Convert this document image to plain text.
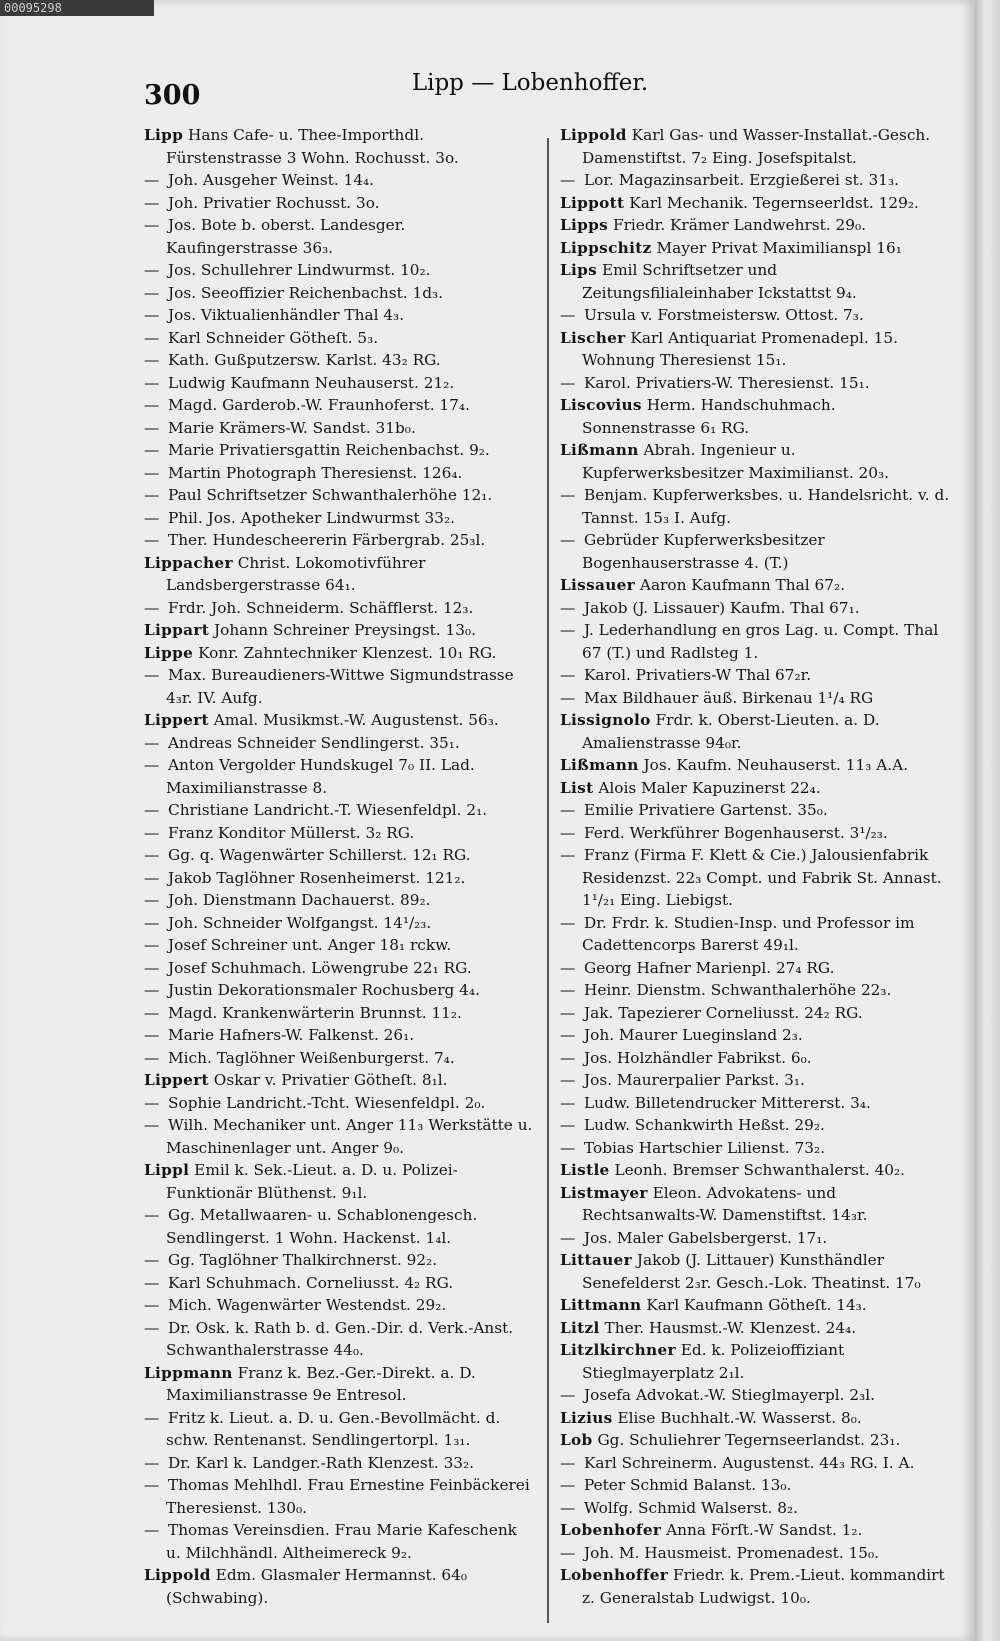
00095298
300	Lipp — Lobenhoffer.

Lipp Hans Cafe- u. Thee-Importhdl. Fürstenstrasse 3 Wohn. Rochusst. 3o.

— Joh. Ausgeher Weinst. 14₄.

— Joh. Privatier Rochusst. 3o.

— Jos. Bote b. oberst. Landesger. Kaufingerstrasse 36₃.

— Jos. Schullehrer Lindwurmst. 10₂.

— Jos. Seeoffizier Reichenbachst. 1d₃.

— Jos. Viktualienhändler Thal 4₃.

— Karl Schneider Götheſt. 5₃.

— Kath. Gußputzersw. Karlst. 43₂ RG.

— Ludwig Kaufmann Neuhauserst. 21₂.

— Magd. Garderob.-W. Fraunhoferst. 17₄.

— Marie Krämers-W. Sandst. 31b₀.

— Marie Privatiersgattin Reichenbachst. 9₂.

— Martin Photograph Theresienst. 126₄.

— Paul Schriftsetzer Schwanthalerhöhe 12₁.

— Phil. Jos. Apotheker Lindwurmst 33₂.

— Ther. Hundescheererin Färbergrab. 25₃l.

Lippacher Christ. Lokomotivführer Landsbergerstrasse 64₁.

— Frdr. Joh. Schneiderm. Schäfflerst. 12₃.

Lippart Johann Schreiner Preysingst. 13₀.

Lippe Konr. Zahntechniker Klenzest. 10₁ RG.

— Max. Bureaudieners-Wittwe Sigmundstrasse 4₃r. IV. Aufg.

Lippert Amal. Musikmst.-W. Augustenst. 56₃.

— Andreas Schneider Sendlingerst. 35₁.

— Anton Vergolder Hundskugel 7₀ II. Lad. Maximilianstrasse 8.

— Christiane Landricht.-T. Wiesenfeldpl. 2₁.

— Franz Konditor Müllerst. 3₂ RG.

— Gg. q. Wagenwärter Schillerst. 12₁ RG.

— Jakob Taglöhner Rosenheimerst. 121₂.

— Joh. Dienstmann Dachauerst. 89₂.

— Joh. Schneider Wolfgangst. 14¹/₂₃.

— Josef Schreiner unt. Anger 18₁ rckw.

— Josef Schuhmach. Löwengrube 22₁ RG.

— Justin Dekorationsmaler Rochusberg 4₄.

— Magd. Krankenwärterin Brunnst. 11₂.

— Marie Hafners-W. Falkenst. 26₁.

— Mich. Taglöhner Weißenburgerst. 7₄.

Lippert Oskar v. Privatier Götheſt. 8₁l.

— Sophie Landricht.-Tcht. Wiesenfeldpl. 2₀.

— Wilh. Mechaniker unt. Anger 11₃ Werkstätte u. Maschinenlager unt. Anger 9₀.

Lippl Emil k. Sek.-Lieut. a. D. u. Polizei-Funktionär Blüthenst. 9₁l.

— Gg. Metallwaaren- u. Schablonengesch. Sendlingerst. 1 Wohn. Hackenst. 1₄l.

— Gg. Taglöhner Thalkirchnerst. 92₂.

— Karl Schuhmach. Corneliusst. 4₂ RG.

— Mich. Wagenwärter Westendst. 29₂.

— Dr. Osk. k. Rath b. d. Gen.-Dir. d. Verk.-Anst. Schwanthalerstrasse 44₀.

Lippmann Franz k. Bez.-Ger.-Direkt. a. D. Maximilianstrasse 9e Entresol.

— Fritz k. Lieut. a. D. u. Gen.-Bevollmächt. d. schw. Rentenanst. Sendlingertorpl. 1₃₁.

— Dr. Karl k. Landger.-Rath Klenzest. 33₂.

— Thomas Mehlhdl. Frau Ernestine Feinbäckerei Theresienst. 130₀.

— Thomas Vereinsdien. Frau Marie Kafeschenk u. Milchhändl. Altheimereck 9₂.

Lippold Edm. Glasmaler Hermannst. 64₀ (Schwabing).

Lippold Karl Gas- und Wasser-Installat.-Gesch. Damenstiftst. 7₂ Eing. Josefspitalst.

— Lor. Magazinsarbeit. Erzgießerei st. 31₃.

Lippott Karl Mechanik. Tegernseerldst. 129₂.

Lipps Friedr. Krämer Landwehrst. 29₀.

Lippschitz Mayer Privat Maximilianspl 16₁

Lips Emil Schriftsetzer und Zeitungsfilialeinhaber Ickstattst 9₄.

— Ursula v. Forstmeistersw. Ottost. 7₃.

Lischer Karl Antiquariat Promenadepl. 15. Wohnung Theresienst 15₁.

— Karol. Privatiers-W. Theresienst. 15₁.

Liscovius Herm. Handschuhmach. Sonnenstrasse 6₁ RG.

Lißmann Abrah. Ingenieur u. Kupferwerksbesitzer Maximilianst. 20₃.

— Benjam. Kupferwerksbes. u. Handelsricht. v. d. Tannst. 15₃ I. Aufg.

— Gebrüder Kupferwerksbesitzer Bogenhauserstrasse 4. (T.)

Lissauer Aaron Kaufmann Thal 67₂.

— Jakob (J. Lissauer) Kaufm. Thal 67₁.

— J. Lederhandlung en gros Lag. u. Compt. Thal 67 (T.) und Radlsteg 1.

— Karol. Privatiers-W Thal 67₂r.

— Max Bildhauer äuß. Birkenau 1¹/₄ RG

Lissignolo Frdr. k. Oberst-Lieuten. a. D. Amalienstrasse 94₀r.

Lißmann Jos. Kaufm. Neuhauserst. 11₃ A.A.

List Alois Maler Kapuzinerst 22₄.

— Emilie Privatiere Gartenst. 35₀.

— Ferd. Werkführer Bogenhauserst. 3¹/₂₃.

— Franz (Firma F. Klett & Cie.) Jalousienfabrik Residenzst. 22₃ Compt. und Fabrik St. Annast. 1¹/₂₁ Eing. Liebigst.

— Dr. Frdr. k. Studien-Insp. und Professor im Cadettencorps Barerst 49₁l.

— Georg Hafner Marienpl. 27₄ RG.

— Heinr. Dienstm. Schwanthalerhöhe 22₃.

— Jak. Tapezierer Corneliusst. 24₂ RG.

— Joh. Maurer Lueginsland 2₃.

— Jos. Holzhändler Fabrikst. 6₀.

— Jos. Maurerpalier Parkst. 3₁.

— Ludw. Billetendrucker Mittererst. 3₄.

— Ludw. Schankwirth Heßst. 29₂.

— Tobias Hartschier Lilienst. 73₂.

Listle Leonh. Bremser Schwanthalerst. 40₂.

Listmayer Eleon. Advokatens- und Rechtsanwalts-W. Damenstiftst. 14₃r.

— Jos. Maler Gabelsbergerst. 17₁.

Littauer Jakob (J. Littauer) Kunsthändler Senefelderst 2₃r. Gesch.-Lok. Theatinst. 17₀

Littmann Karl Kaufmann Götheſt. 14₃.

Litzl Ther. Hausmst.-W. Klenzest. 24₄.

Litzlkirchner Ed. k. Polizeioffiziant Stieglmayerplatz 2₁l.

— Josefa Advokat.-W. Stieglmayerpl. 2₃l.

Lizius Elise Buchhalt.-W. Wasserst. 8₀.

Lob Gg. Schuliehrer Tegernseerlandst. 23₁.

— Karl Schreinerm. Augustenst. 44₃ RG. I. A.

— Peter Schmid Balanst. 13₀.

— Wolfg. Schmid Walserst. 8₂.

Lobenhofer Anna Förſt.-W Sandst. 1₂.

— Joh. M. Hausmeist. Promenadest. 15₀.

Lobenhoffer Friedr. k. Prem.-Lieut. kommandirt z. Generalstab Ludwigst. 10₀.
